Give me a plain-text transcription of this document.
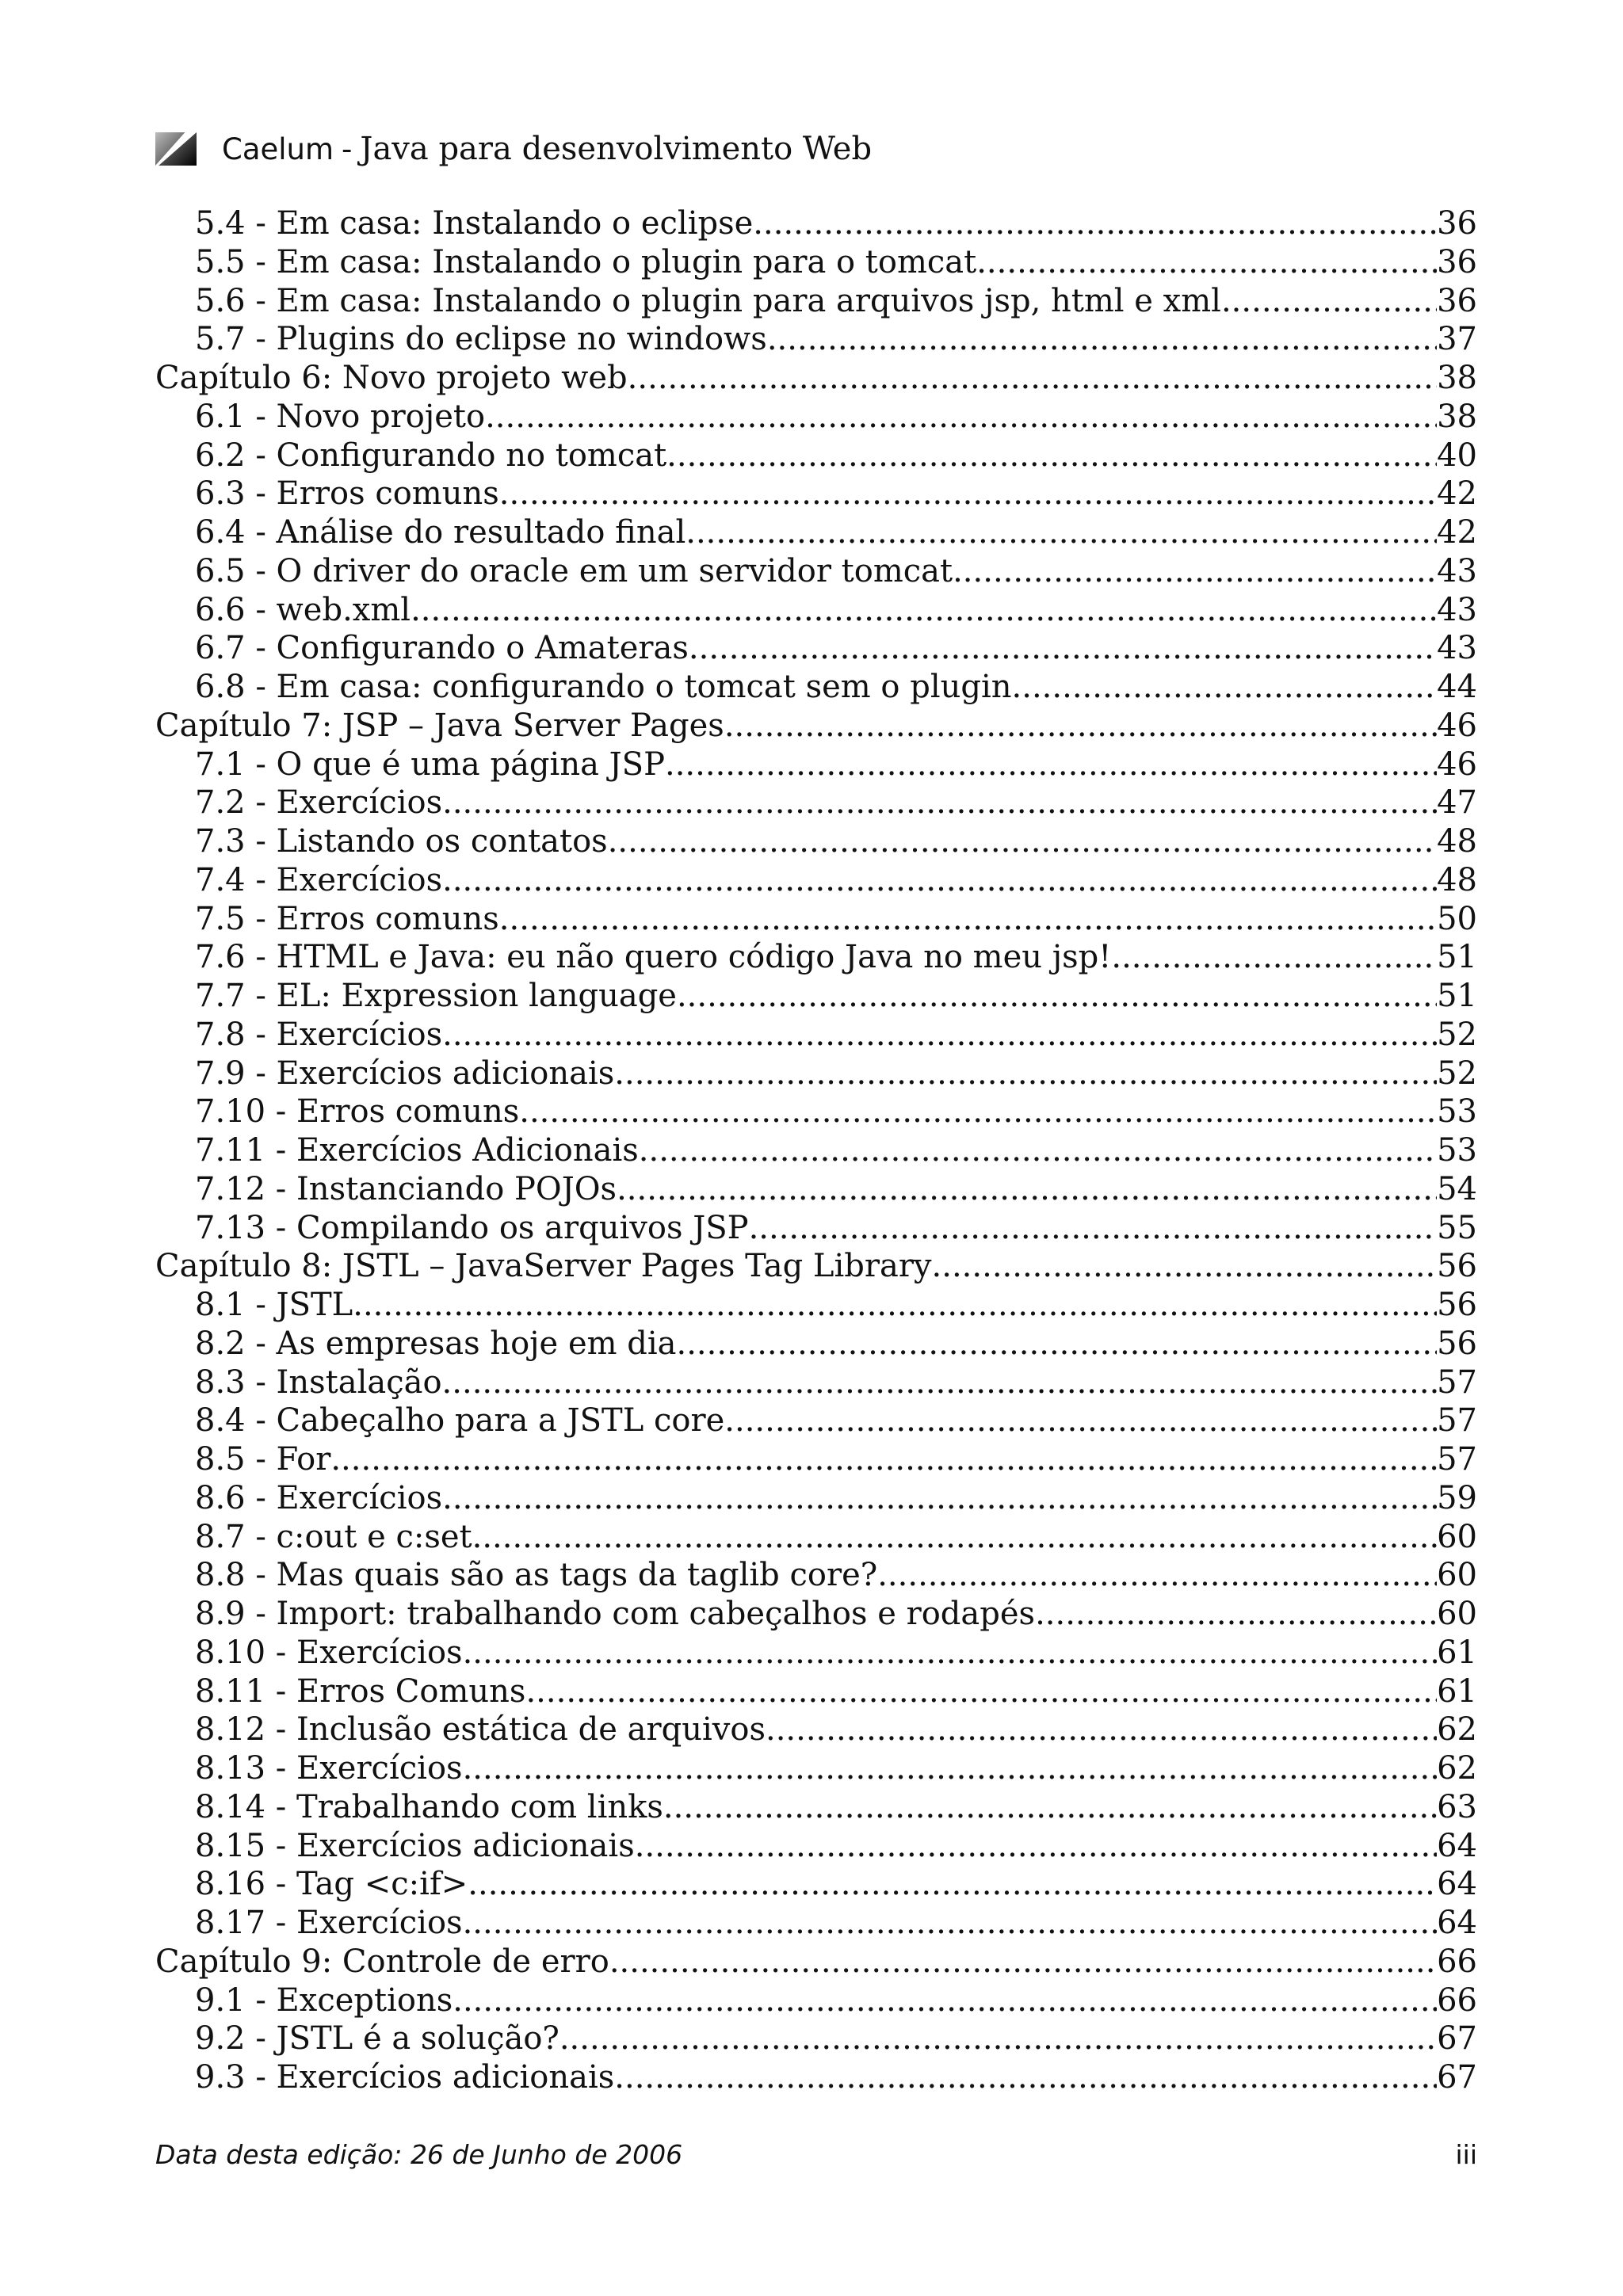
Caelum - Java para desenvolvimento Web
5.4 - Em casa: Instalando o eclipse .....	36
5.5 - Em casa: Instalando o plugin para o tomcat .....	36
5.6 - Em casa: Instalando o plugin para arquivos jsp, html e xml .....	36
5.7 - Plugins do eclipse no windows .....	37
Capítulo 6: Novo projeto web .....	38
6.1 - Novo projeto .....	38
6.2 - Configurando no tomcat .....	40
6.3 - Erros comuns .....	42
6.4 - Análise do resultado final .....	42
6.5 - O driver do oracle em um servidor tomcat .....	43
6.6 - web.xml .....	43
6.7 - Configurando o Amateras .....	43
6.8 - Em casa: configurando o tomcat sem o plugin .....	44
Capítulo 7: JSP – Java Server Pages .....	46
7.1 - O que é uma página JSP .....	46
7.2 - Exercícios .....	47
7.3 - Listando os contatos .....	48
7.4 - Exercícios .....	48
7.5 - Erros comuns .....	50
7.6 - HTML e Java: eu não quero código Java no meu jsp! .....	51
7.7 - EL: Expression language .....	51
7.8 - Exercícios .....	52
7.9 - Exercícios adicionais .....	52
7.10 - Erros comuns .....	53
7.11 - Exercícios Adicionais .....	53
7.12 - Instanciando POJOs .....	54
7.13 - Compilando os arquivos JSP .....	55
Capítulo 8: JSTL – JavaServer Pages Tag Library .....	56
8.1 - JSTL .....	56
8.2 - As empresas hoje em dia .....	56
8.3 - Instalação .....	57
8.4 - Cabeçalho para a JSTL core .....	57
8.5 - For .....	57
8.6 - Exercícios .....	59
8.7 - c:out e c:set .....	60
8.8 - Mas quais são as tags da taglib core? .....	60
8.9 - Import: trabalhando com cabeçalhos e rodapés .....	60
8.10 - Exercícios .....	61
8.11 - Erros Comuns .....	61
8.12 - Inclusão estática de arquivos .....	62
8.13 - Exercícios .....	62
8.14 - Trabalhando com links .....	63
8.15 - Exercícios adicionais .....	64
8.16 - Tag <c:if> .....	64
8.17 - Exercícios .....	64
Capítulo 9: Controle de erro .....	66
9.1 - Exceptions .....	66
9.2 - JSTL é a solução? .....	67
9.3 - Exercícios adicionais .....	67
Data desta edição: 26 de Junho de 2006	iii
